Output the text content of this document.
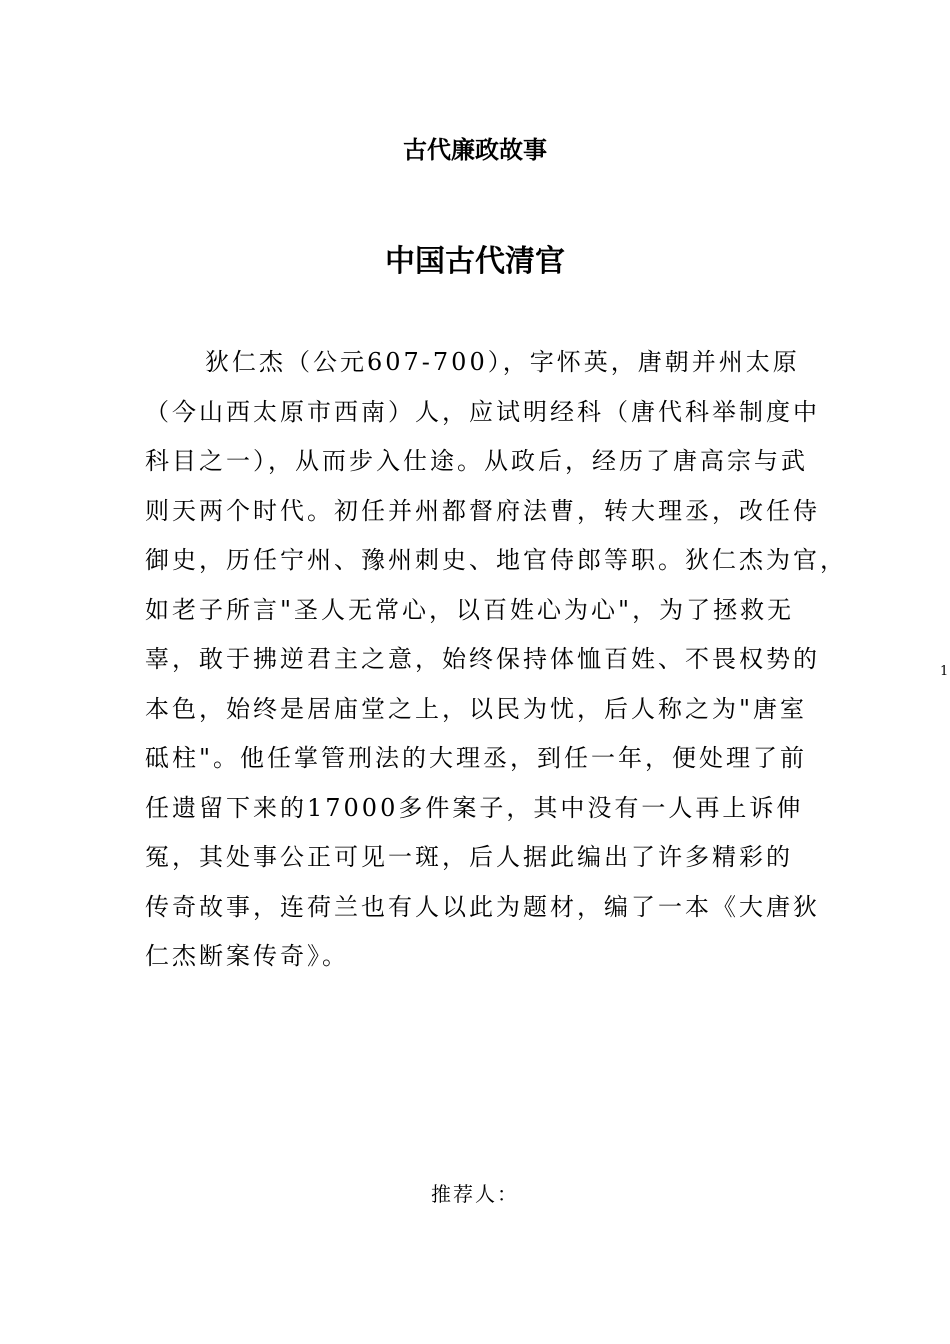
古代廉政故事
中国古代清官
狄仁杰（公元607-700），字怀英，唐朝并州太原
（今山西太原市西南）人，应试明经科（唐代科举制度中
科目之一），从而步入仕途。从政后，经历了唐高宗与武
则天两个时代。初任并州都督府法曹，转大理丞，改任侍
御史，历任宁州、豫州刺史、地官侍郎等职。狄仁杰为官，
如老子所言"圣人无常心，以百姓心为心"，为了拯救无
辜，敢于拂逆君主之意，始终保持体恤百姓、不畏权势的
本色，始终是居庙堂之上，以民为忧，后人称之为"唐室
砥柱"。他任掌管刑法的大理丞，到任一年，便处理了前
任遗留下来的17000多件案子，其中没有一人再上诉伸
冤，其处事公正可见一斑，后人据此编出了许多精彩的
传奇故事，连荷兰也有人以此为题材，编了一本《大唐狄
仁杰断案传奇》。
1
推荐人：
